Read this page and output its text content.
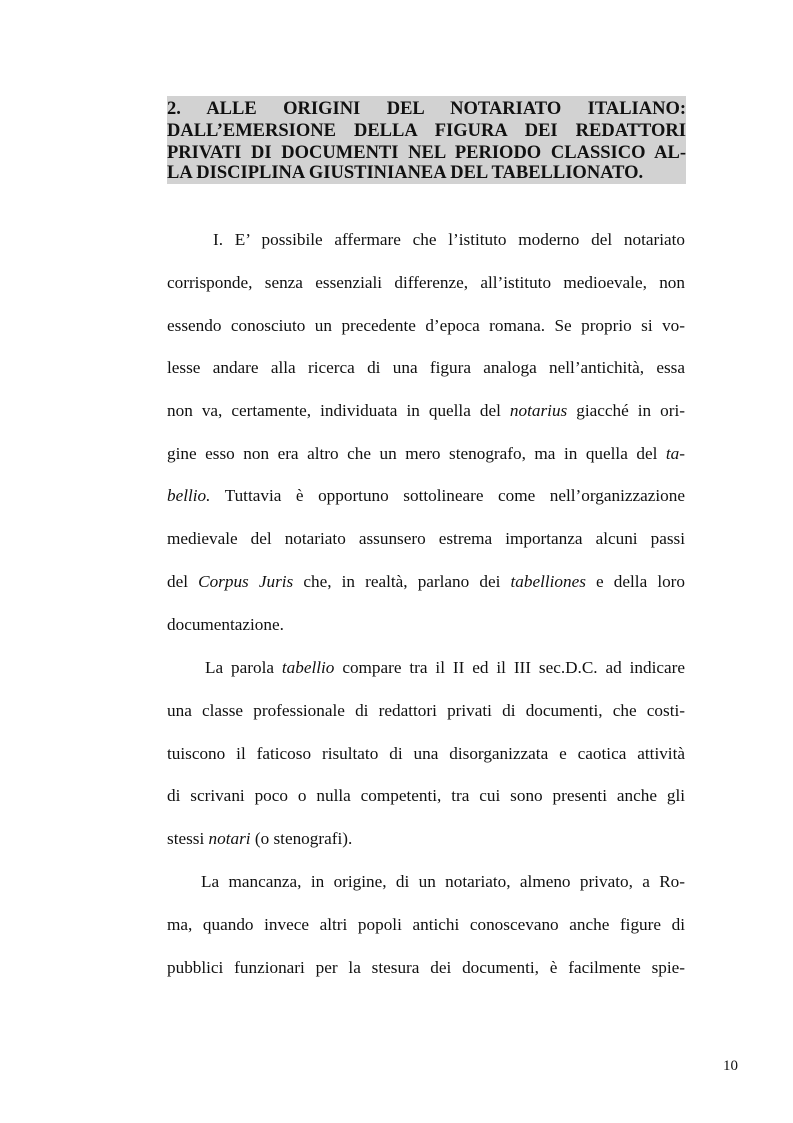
2. ALLE ORIGINI DEL NOTARIATO ITALIANO:
DALL’EMERSIONE DELLA FIGURA DEI REDATTORI
PRIVATI DI DOCUMENTI NEL PERIODO CLASSICO AL-
LA DISCIPLINA GIUSTINIANEA DEL TABELLIONATO.
I. E’ possibile affermare che l’istituto moderno del notariato
corrisponde, senza essenziali differenze, all’istituto medioevale, non
essendo conosciuto un precedente d’epoca romana. Se proprio si vo-
lesse andare alla ricerca di una figura analoga nell’antichità, essa
non va, certamente, individuata in quella del notarius giacché in ori-
gine esso non era altro che un mero stenografo, ma in quella del ta-
bellio. Tuttavia è opportuno sottolineare come nell’organizzazione
medievale del notariato assunsero estrema importanza alcuni passi
del Corpus Juris che, in realtà, parlano dei tabelliones e della loro
documentazione.
La parola tabellio compare tra il II ed il III sec.D.C. ad indicare
una classe professionale di redattori privati di documenti, che costi-
tuiscono il faticoso risultato di una disorganizzata e caotica attività
di scrivani poco o nulla competenti, tra cui sono presenti anche gli
stessi notari (o stenografi).
La mancanza, in origine, di un notariato, almeno privato, a Ro-
ma, quando invece altri popoli antichi conoscevano anche figure di
pubblici funzionari per la stesura dei documenti, è facilmente spie-
10
